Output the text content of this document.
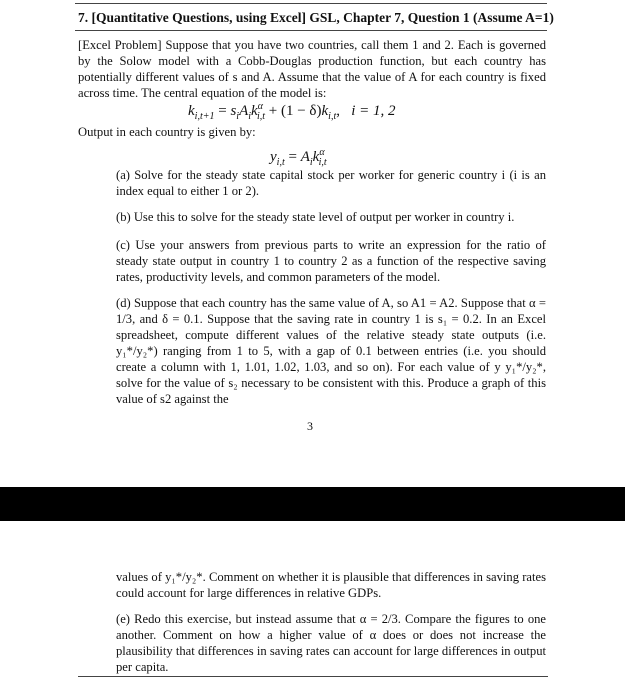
7. [Quantitative Questions, using Excel] GSL, Chapter 7, Question 1 (Assume A=1)
[Excel Problem] Suppose that you have two countries, call them 1 and 2. Each is governed by the Solow model with a Cobb-Douglas production function, but each country has potentially different values of s and A. Assume that the value of A for each country is fixed across time. The central equation of the model is:
$k_{i,t+1} = s_iA_ik^\alpha_{i,t} + (1 - \delta)k_{i,t}$,   i = 1, 2
Output in each country is given by:
$y_{i,t} = A_ik^\alpha_{i,t}$
(a) Solve for the steady state capital stock per worker for generic country i (i is an index equal to either 1 or 2).
(b) Use this to solve for the steady state level of output per worker in country i.
(c) Use your answers from previous parts to write an expression for the ratio of steady state output in country 1 to country 2 as a function of the respective saving rates, productivity levels, and common parameters of the model.
(d) Suppose that each country has the same value of A, so A1 = A2. Suppose that α = 1/3, and δ = 0.1. Suppose that the saving rate in country 1 is s₁ = 0.2. In an Excel spreadsheet, compute different values of the relative steady state outputs (i.e. y₁*/y₂*) ranging from 1 to 5, with a gap of 0.1 between entries (i.e. you should create a column with 1, 1.01, 1.02, 1.03, and so on). For each value of y y₁*/y₂*, solve for the value of s₂ necessary to be consistent with this. Produce a graph of this value of s2 against the
3
values of y₁*/y₂*. Comment on whether it is plausible that differences in saving rates could account for large differences in relative GDPs.
(e) Redo this exercise, but instead assume that α = 2/3. Compare the figures to one another. Comment on how a higher value of α does or does not increase the plausibility that differences in saving rates can account for large differences in output per capita.
